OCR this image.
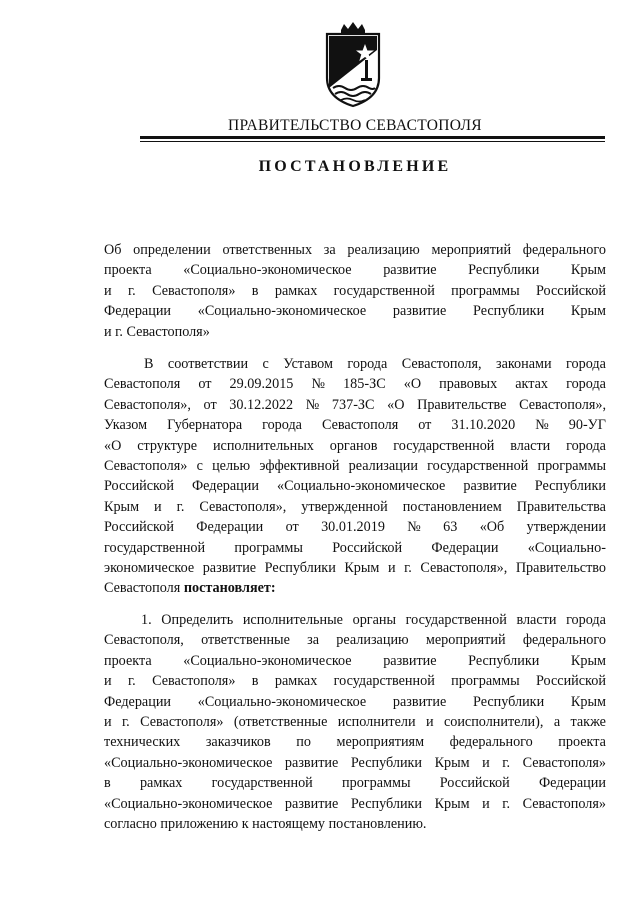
ПРАВИТЕЛЬСТВО СЕВАСТОПОЛЯ
ПОСТАНОВЛЕНИЕ
Об определении ответственных за реализацию мероприятий федерального
проекта «Социально-экономическое развитие Республики Крым
и г. Севастополя» в рамках государственной программы Российской
Федерации «Социально-экономическое развитие Республики Крым
и г. Севастополя»
В соответствии с Уставом города Севастополя, законами города
Севастополя от 29.09.2015 № 185-ЗС «О правовых актах города
Севастополя», от 30.12.2022 № 737-ЗС «О Правительстве Севастополя»,
Указом Губернатора города Севастополя от 31.10.2020 № 90-УГ
«О структуре исполнительных органов государственной власти города
Севастополя» с целью эффективной реализации государственной программы
Российской Федерации «Социально-экономическое развитие Республики
Крым и г. Севастополя», утвержденной постановлением Правительства
Российской Федерации от 30.01.2019 № 63 «Об утверждении
государственной программы Российской Федерации «Социально-
экономическое развитие Республики Крым и г. Севастополя», Правительство
Севастополя
постановляет:
1. Определить исполнительные органы государственной власти города
Севастополя, ответственные за реализацию мероприятий федерального
проекта «Социально-экономическое развитие Республики Крым
и г. Севастополя» в рамках государственной программы Российской
Федерации «Социально-экономическое развитие Республики Крым
и г. Севастополя» (ответственные исполнители и соисполнители), а также
технических заказчиков по мероприятиям федерального проекта
«Социально-экономическое развитие Республики Крым и г. Севастополя»
в рамках государственной программы Российской Федерации
«Социально-экономическое развитие Республики Крым и г. Севастополя»
согласно приложению к настоящему постановлению.
